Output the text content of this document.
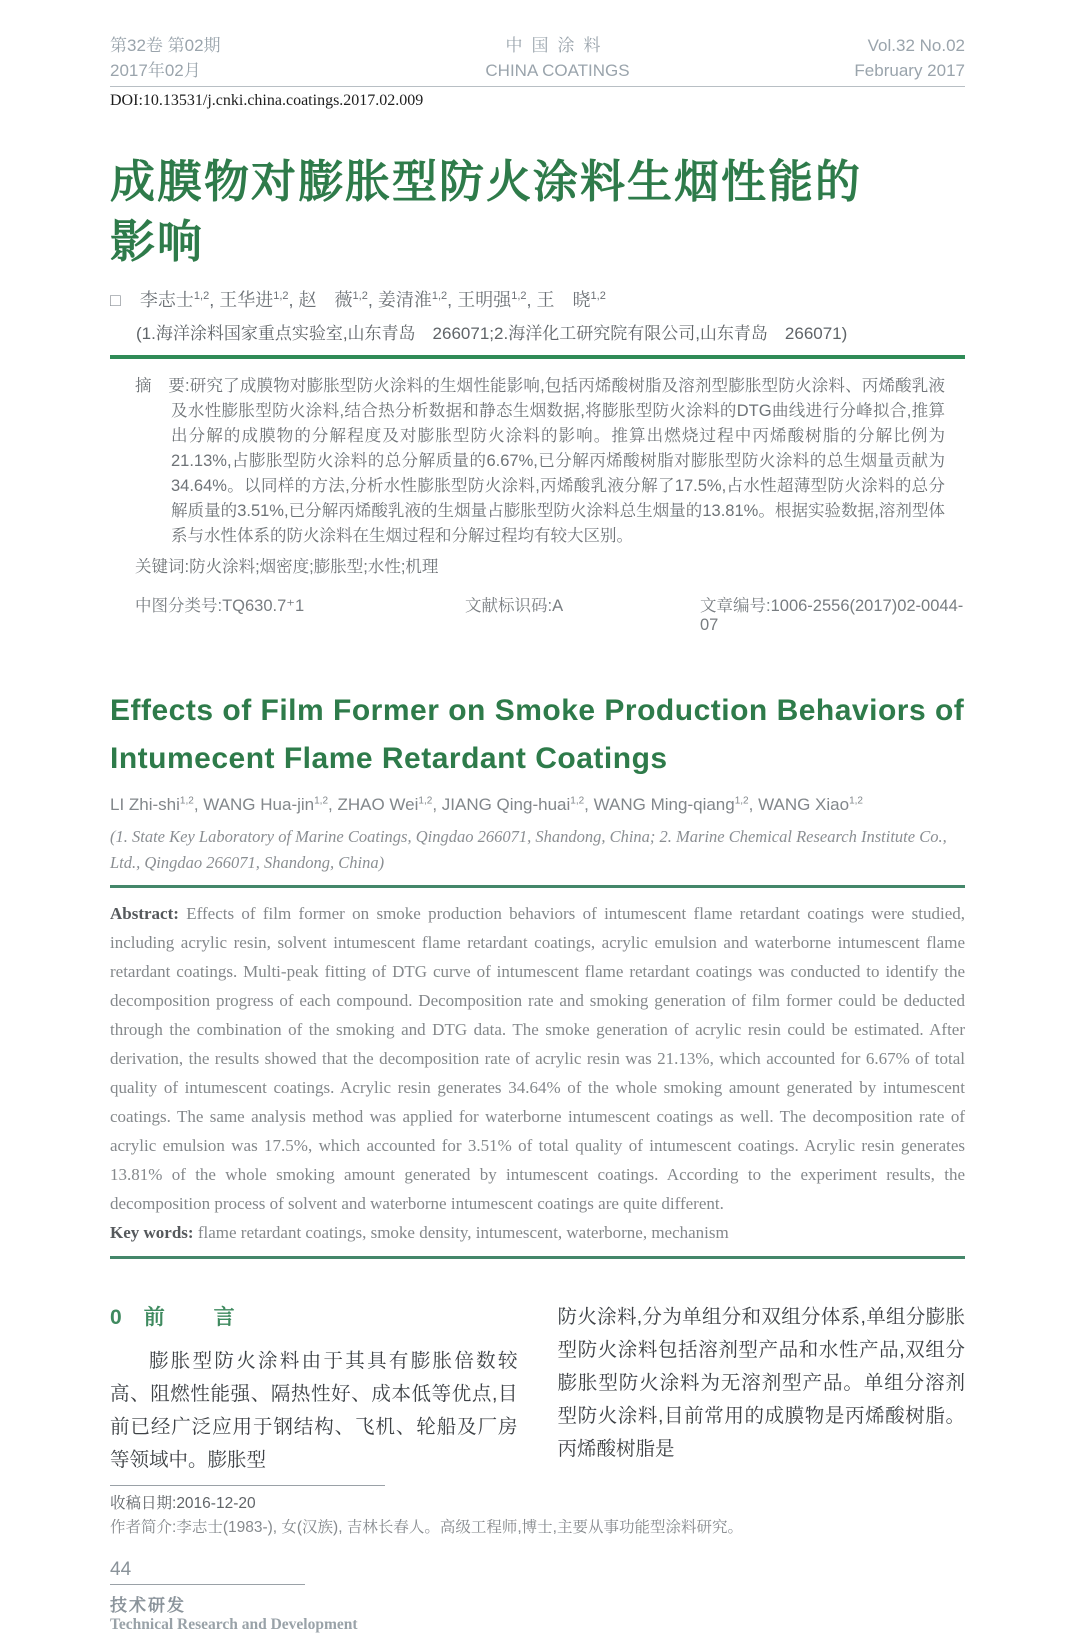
第32卷 第02期
2017年02月
中国涂料
CHINA COATINGS
Vol.32 No.02
February 2017
DOI:10.13531/j.cnki.china.coatings.2017.02.009
成膜物对膨胀型防火涂料生烟性能的
影响
□ 李志士$^{1,2}$, 王华进$^{1,2}$, 赵　薇$^{1,2}$, 姜清淮$^{1,2}$, 王明强$^{1,2}$, 王　晓$^{1,2}$
(1.海洋涂料国家重点实验室,山东青岛　266071;2.海洋化工研究院有限公司,山东青岛　266071)

摘　要:研究了成膜物对膨胀型防火涂料的生烟性能影响,包括丙烯酸树脂及溶剂型膨胀型防火涂料、丙烯酸乳液及水性膨胀型防火涂料,结合热分析数据和静态生烟数据,将膨胀型防火涂料的DTG曲线进行分峰拟合,推算出分解的成膜物的分解程度及对膨胀型防火涂料的影响。推算出燃烧过程中丙烯酸树脂的分解比例为21.13%,占膨胀型防火涂料的总分解质量的6.67%,已分解丙烯酸树脂对膨胀型防火涂料的总生烟量贡献为34.64%。以同样的方法,分析水性膨胀型防火涂料,丙烯酸乳液分解了17.5%,占水性超薄型防火涂料的总分解质量的3.51%,已分解丙烯酸乳液的生烟量占膨胀型防火涂料总生烟量的13.81%。根据实验数据,溶剂型体系与水性体系的防火涂料在生烟过程和分解过程均有较大区别。

关键词:防火涂料;烟密度;膨胀型;水性;机理
中图分类号:TQ630.7⁺1	文献标识码:A	文章编号:1006-2556(2017)02-0044-07
Effects of Film Former on Smoke Production Behaviors of
Intumecent Flame Retardant Coatings
LI Zhi-shi$^{1,2}$, WANG Hua-jin$^{1,2}$, ZHAO Wei$^{1,2}$, JIANG Qing-huai$^{1,2}$, WANG Ming-qiang$^{1,2}$, WANG Xiao$^{1,2}$
(1. State Key Laboratory of Marine Coatings, Qingdao 266071, Shandong, China; 2. Marine Chemical Research Institute Co., Ltd., Qingdao 266071, Shandong, China)
Abstract: Effects of film former on smoke production behaviors of intumescent flame retardant coatings were studied, including acrylic resin, solvent intumescent flame retardant coatings, acrylic emulsion and waterborne intumescent flame retardant coatings. Multi-peak fitting of DTG curve of intumescent flame retardant coatings was conducted to identify the decomposition progress of each compound. Decomposition rate and smoking generation of film former could be deducted through the combination of the smoking and DTG data. The smoke generation of acrylic resin could be estimated. After derivation, the results showed that the decomposition rate of acrylic resin was 21.13%, which accounted for 6.67% of total quality of intumescent coatings. Acrylic resin generates 34.64% of the whole smoking amount generated by intumescent coatings. The same analysis method was applied for waterborne intumescent coatings as well. The decomposition rate of acrylic emulsion was 17.5%, which accounted for 3.51% of total quality of intumescent coatings. Acrylic resin generates 13.81% of the whole smoking amount generated by intumescent coatings. According to the experiment results, the decomposition process of solvent and waterborne intumescent coatings are quite different.
Key words: flame retardant coatings, smoke density, intumescent, waterborne, mechanism
0 前　言

膨胀型防火涂料由于其具有膨胀倍数较高、阻燃性能强、隔热性好、成本低等优点,目前已经广泛应用于钢结构、飞机、轮船及厂房等领域中。膨胀型

防火涂料,分为单组分和双组分体系,单组分膨胀型防火涂料包括溶剂型产品和水性产品,双组分膨胀型防火涂料为无溶剂型产品。单组分溶剂型防火涂料,目前常用的成膜物是丙烯酸树脂。丙烯酸树脂是

收稿日期:2016-12-20
作者简介:李志士(1983-), 女(汉族), 吉林长春人。高级工程师,博士,主要从事功能型涂料研究。
44
技术研发
Technical Research and Development
